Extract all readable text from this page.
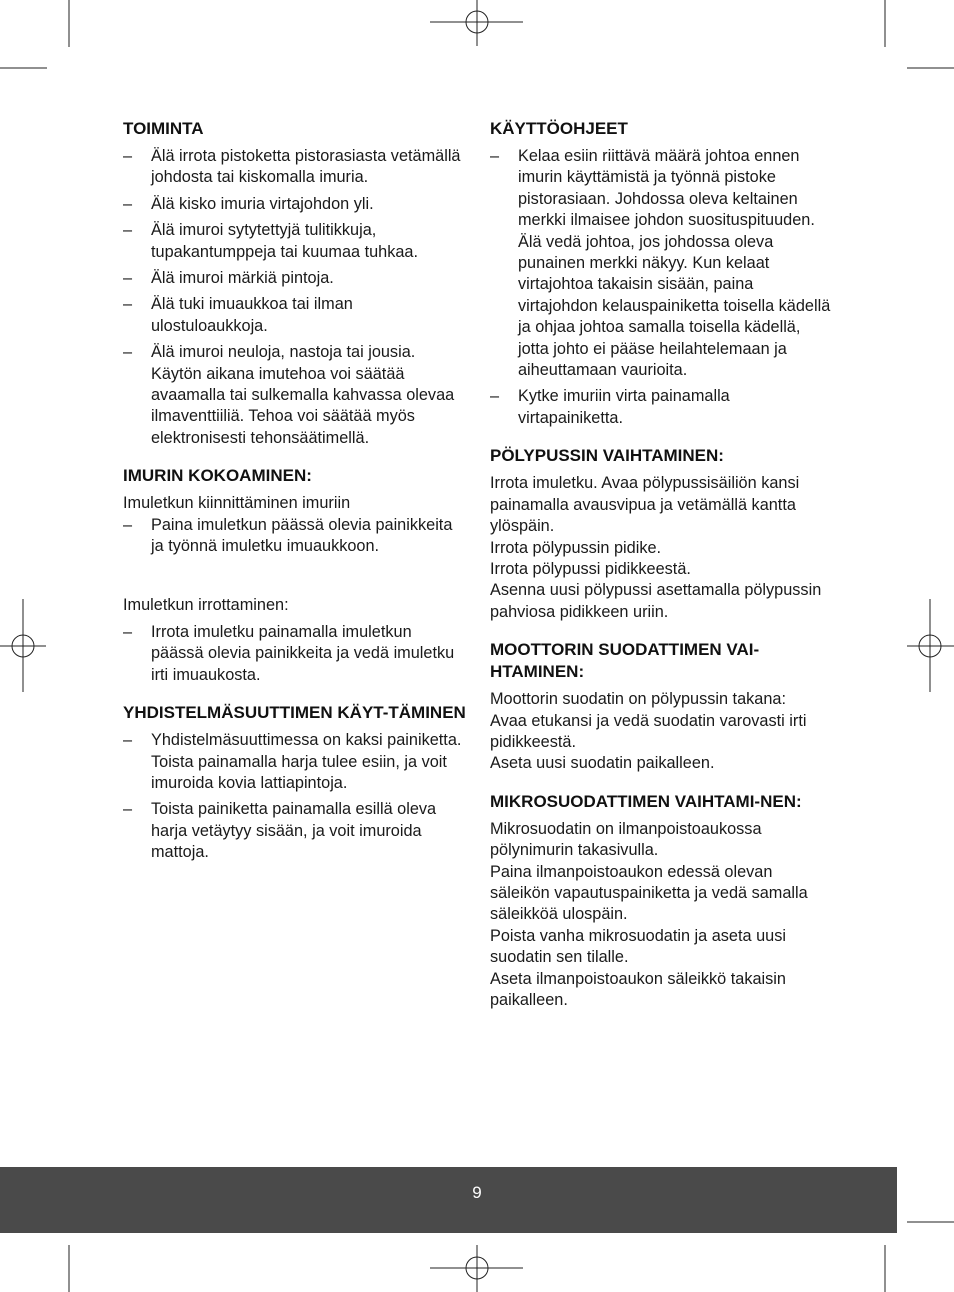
TOIMINTA
– Älä irrota pistoketta pistorasiasta vetämällä johdosta tai kiskomalla imuria.
– Älä kisko imuria virtajohdon yli.
– Älä imuroi sytytettyjä tulitikkuja, tupakantumppeja tai kuumaa tuhkaa.
– Älä imuroi märkiä pintoja.
– Älä tuki imuaukkoa tai ilman ulostuloaukkoja.
– Älä imuroi neuloja, nastoja tai jousia. Käytön aikana imutehoa voi säätää avaamalla tai sulkemalla kahvassa olevaa ilmaventtiiliä. Tehoa voi säätää myös elektronisesti tehonsäätimellä.
IMURIN KOKOAMINEN:

Imuletkun kiinnittäminen imuriin

– Paina imuletkun päässä olevia painikkeita ja työnnä imuletku imuaukkoon.

Imuletkun irrottaminen:

– Irrota imuletku painamalla imuletkun päässä olevia painikkeita ja vedä imuletku irti imuaukosta.
YHDISTELMÄSUUTTIMEN KÄYT-TÄMINEN
– Yhdistelmäsuuttimessa on kaksi painiketta. Toista painamalla harja tulee esiin, ja voit imuroida kovia lattiapintoja.
– Toista painiketta painamalla esillä oleva harja vetäytyy sisään, ja voit imuroida mattoja.
KÄYTTÖOHJEET
– Kelaa esiin riittävä määrä johtoa ennen imurin käyttämistä ja työnnä pistoke pistorasiaan. Johdossa oleva keltainen merkki ilmaisee johdon suosituspituuden. Älä vedä johtoa, jos johdossa oleva punainen merkki näkyy. Kun kelaat virtajohtoa takaisin sisään, paina virtajohdon kelauspainiketta toisella kädellä ja ohjaa johtoa samalla toisella kädellä, jotta johto ei pääse heilahtelemaan ja aiheuttamaan vaurioita.
– Kytke imuriin virta painamalla virtapainiketta.
PÖLYPUSSIN VAIHTAMINEN:

Irrota imuletku. Avaa pölypussisäiliön kansi painamalla avausvipua ja vetämällä kantta ylöspäin.

Irrota pölypussin pidike.

Irrota pölypussi pidikkeestä.

Asenna uusi pölypussi asettamalla pölypussin pahviosa pidikkeen uriin.

MOOTTORIN SUODATTIMEN VAI-HTAMINEN:

Moottorin suodatin on pölypussin takana:

Avaa etukansi ja vedä suodatin varovasti irti pidikkeestä.

Aseta uusi suodatin paikalleen.

MIKROSUODATTIMEN VAIHTAMI-NEN:

Mikrosuodatin on ilmanpoistoaukossa pölynimurin takasivulla.

Paina ilmanpoistoaukon edessä olevan säleikön vapautuspainiketta ja vedä samalla säleikköä ulospäin.

Poista vanha mikrosuodatin ja aseta uusi suodatin sen tilalle.

Aseta ilmanpoistoaukon säleikkö takaisin paikalleen.

9
